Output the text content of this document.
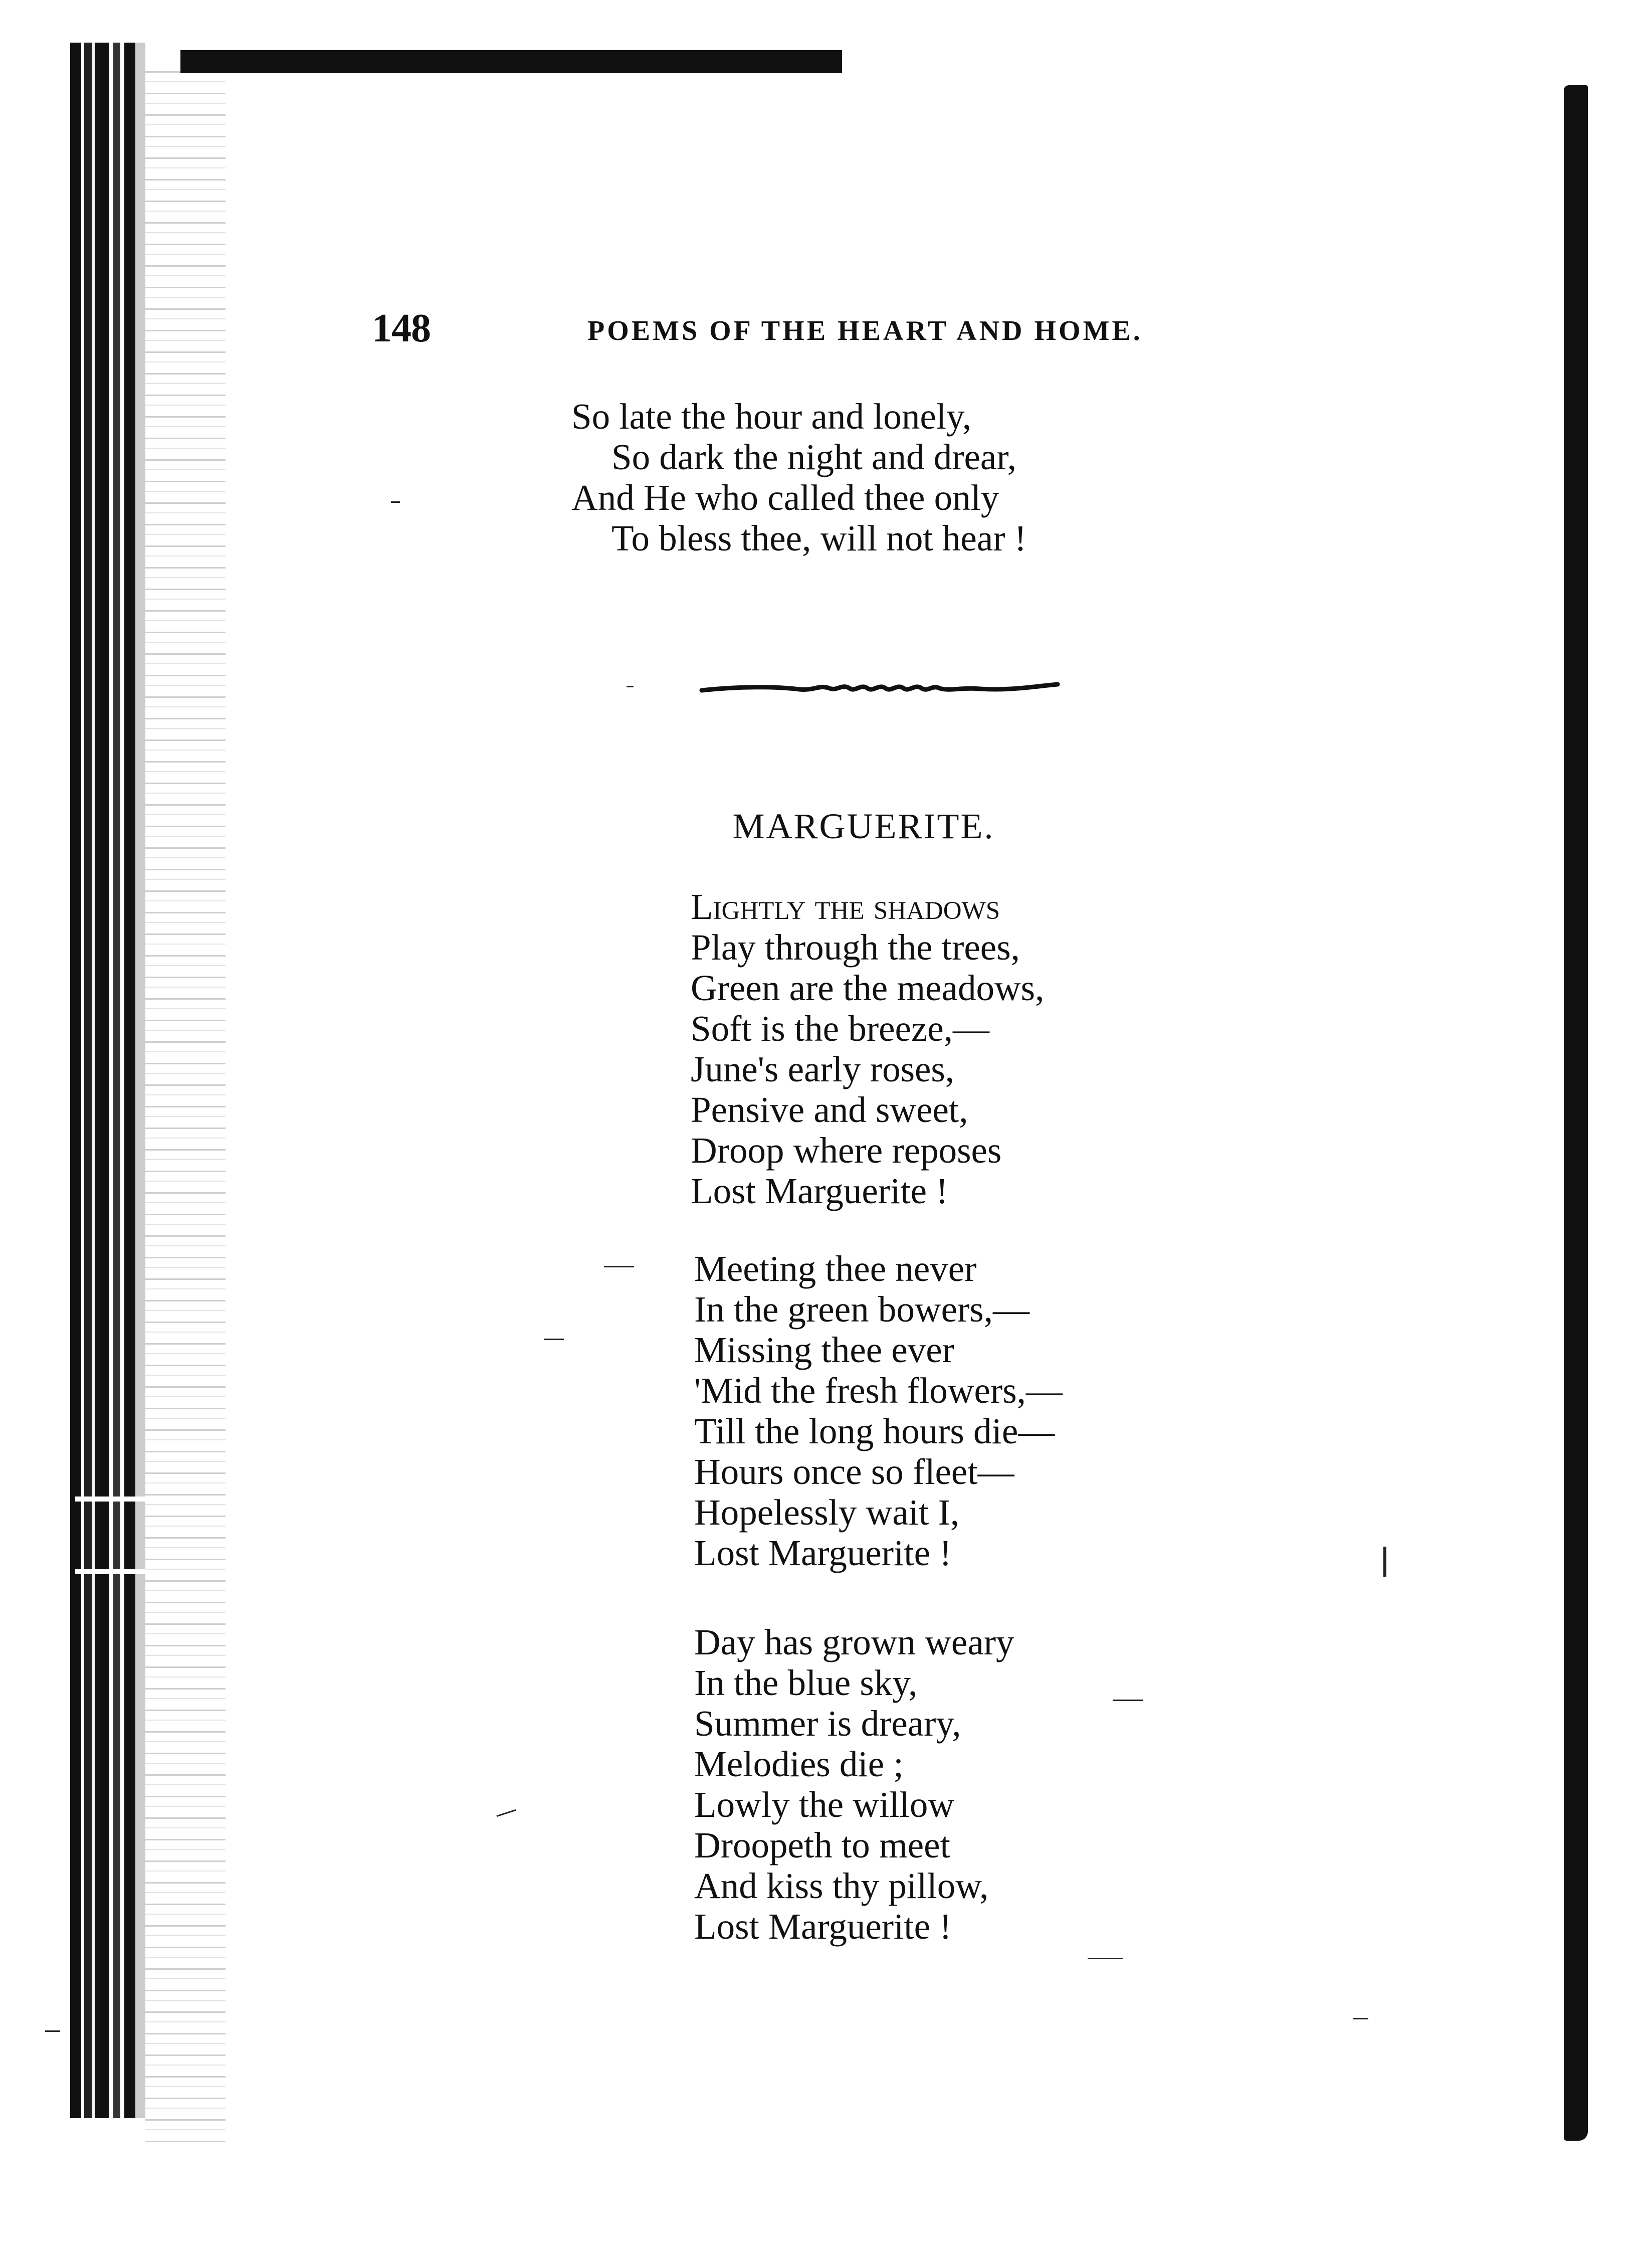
148	POEMS OF THE HEART AND HOME.
So late the hour and lonely,
So dark the night and drear,
And He who called thee only
To bless thee, will not hear !
MARGUERITE.
Lightly the shadows
Play through the trees,
Green are the meadows,
Soft is the breeze,—
June's early roses,
Pensive and sweet,
Droop where reposes
Lost Marguerite !
Meeting thee never
In the green bowers,—
Missing thee ever
'Mid the fresh flowers,—
Till the long hours die—
Hours once so fleet—
Hopelessly wait I,
Lost Marguerite !
Day has grown weary
In the blue sky,
Summer is dreary,
Melodies die ;
Lowly the willow
Droopeth to meet
And kiss thy pillow,
Lost Marguerite !
